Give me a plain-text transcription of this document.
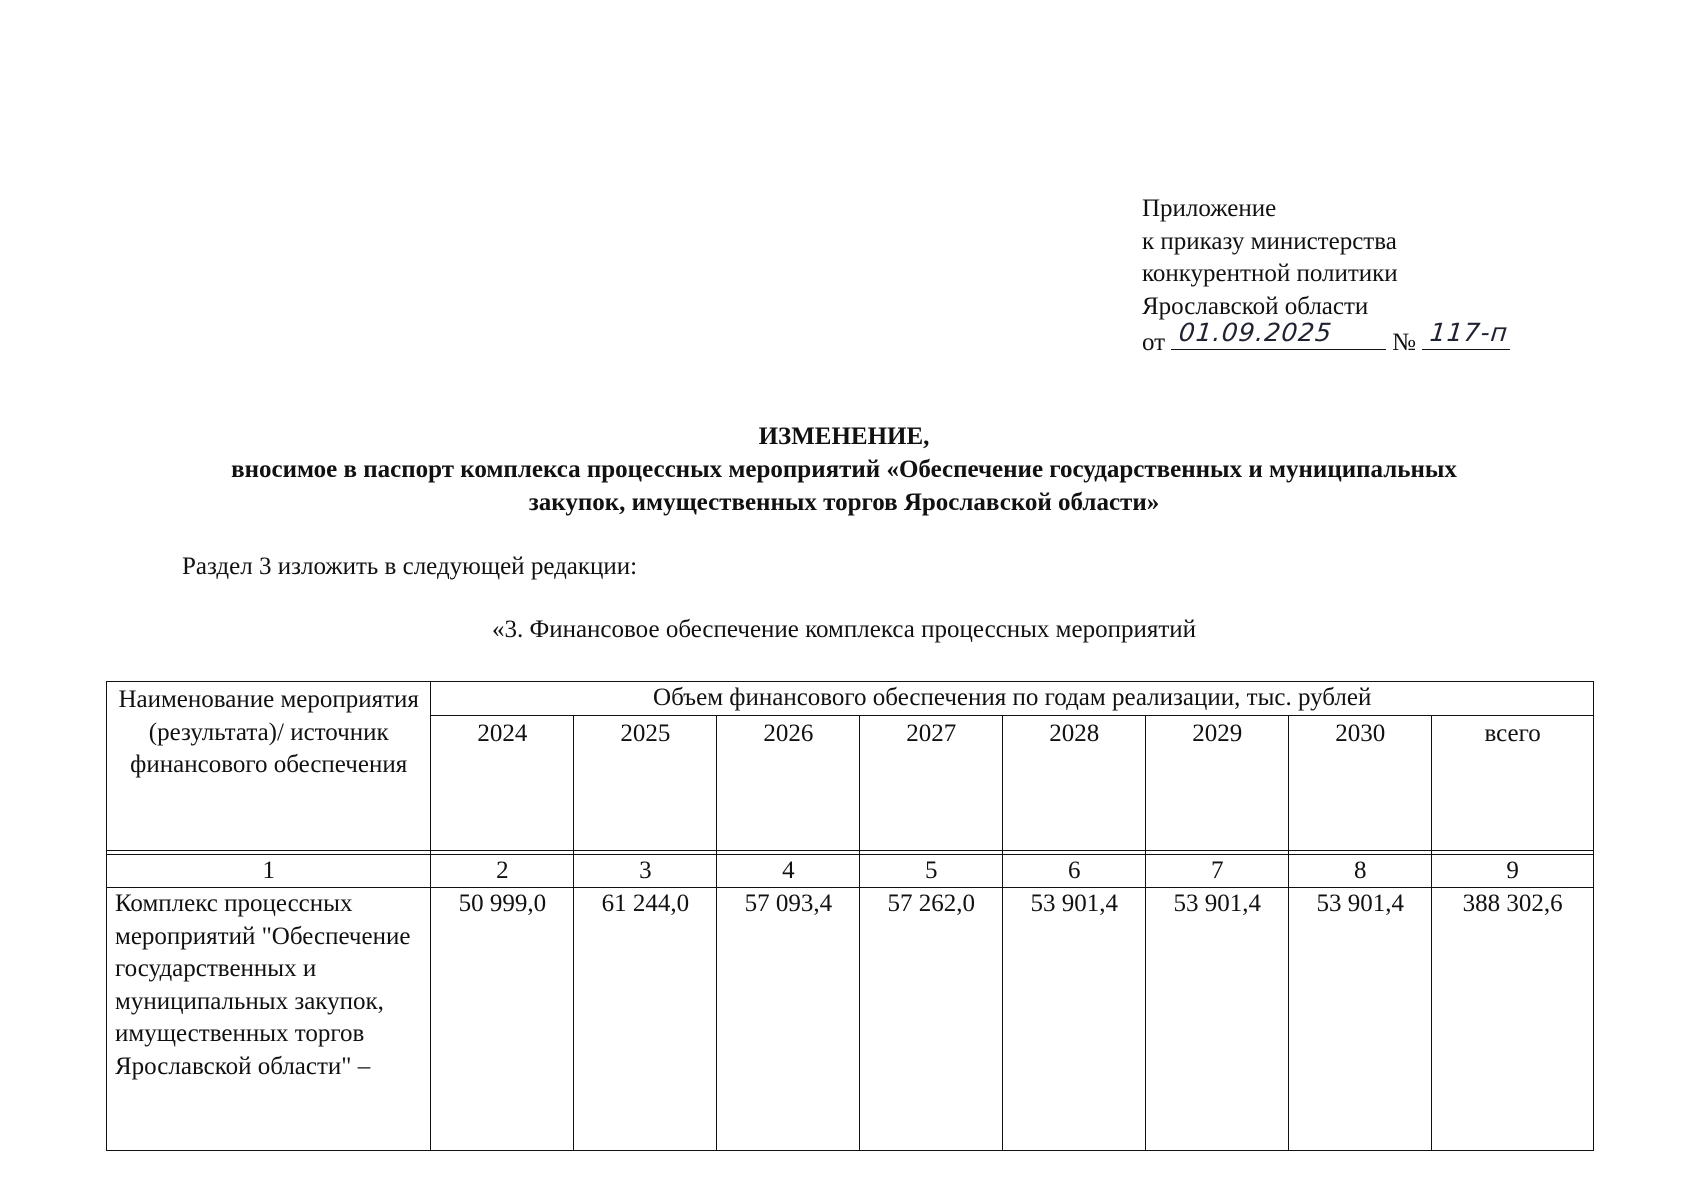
Приложение
к приказу министерства
конкурентной политики
Ярославской области
от 01.09.2025 № 117-п
ИЗМЕНЕНИЕ,
вносимое в паспорт комплекса процессных мероприятий «Обеспечение государственных и муниципальных
закупок, имущественных торгов Ярославской области»
Раздел 3 изложить в следующей редакции:
«3. Финансовое обеспечение комплекса процессных мероприятий
Наименование мероприятия (результата)/ источник финансового обеспечения	Объем финансового обеспечения по годам реализации, тыс. рублей							
	2024	2025	2026	2027	2028	2029	2030	всего

1	2	3	4	5	6	7	8	9
Комплекс процессных мероприятий "Обеспечение государственных и муниципальных закупок, имущественных торгов Ярославской области" –	50 999,0	61 244,0	57 093,4	57 262,0	53 901,4	53 901,4	53 901,4	388 302,6
